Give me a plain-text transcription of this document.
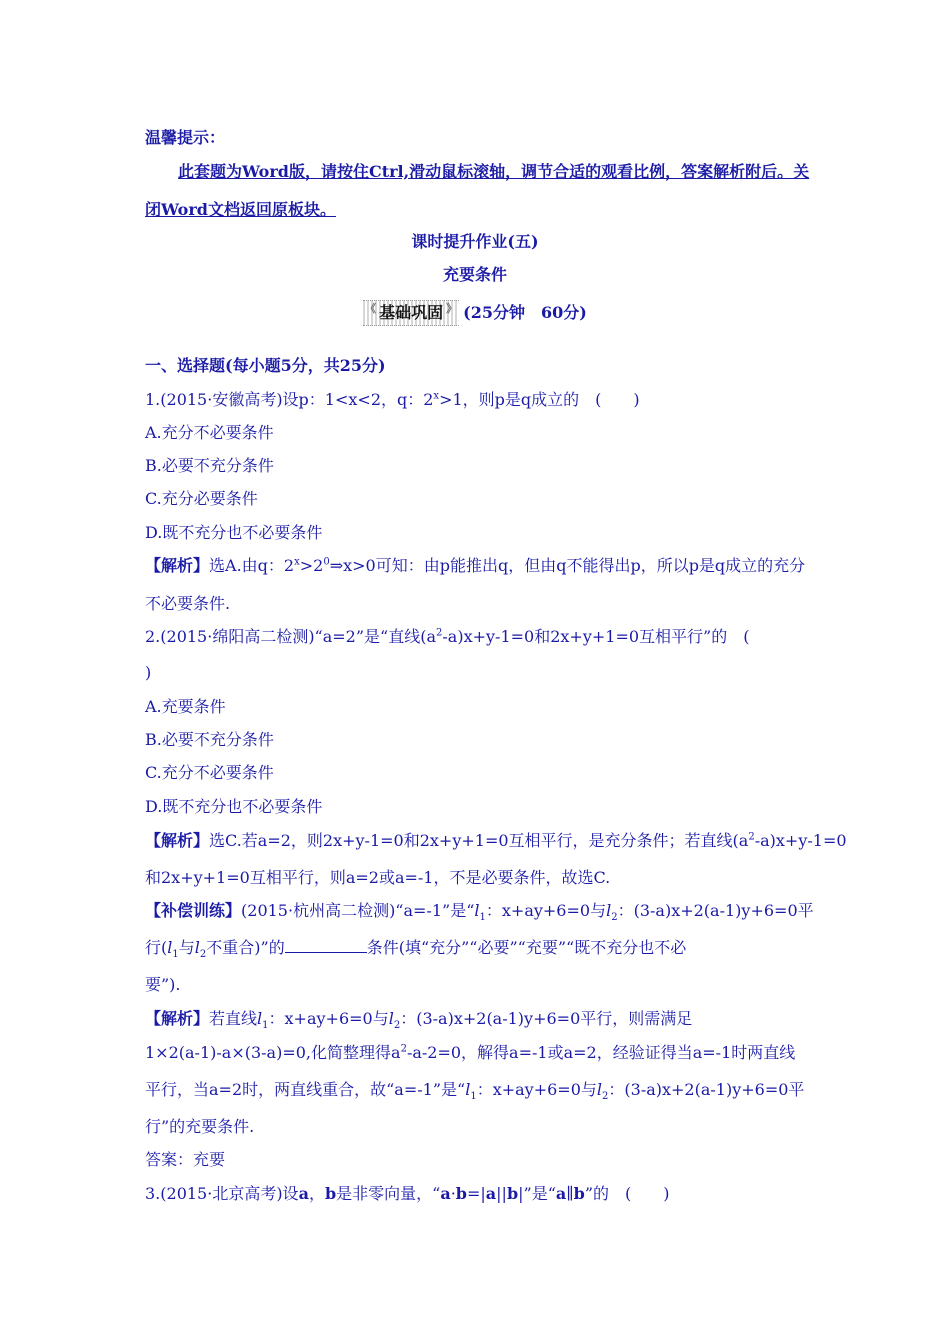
温馨提示：
此套题为Word版，请按住Ctrl,滑动鼠标滚轴，调节合适的观看比例，答案解析附后。关
闭Word文档返回原板块。
课时提升作业(五)
充要条件
《 基础巩固 》 (25分钟　60分)
一、选择题(每小题5分，共25分)
1.(2015·安徽高考)设p：1<x<2，q：$2^x>1$，则p是q成立的　(　　)
A.充分不必要条件
B.必要不充分条件
C.充分必要条件
D.既不充分也不必要条件
【解析】选A.由q：$2^x>2^0\Rightarrow x>0$可知：由p能推出q，但由q不能得出p，所以p是q成立的充分
不必要条件.
2.(2015·绵阳高二检测)“a=2”是“直线$(a^2-a)x+y-1=0$和2x+y+1=0互相平行”的　(
)
A.充要条件
B.必要不充分条件
C.充分不必要条件
D.既不充分也不必要条件
【解析】选C.若a=2，则2x+y-1=0和2x+y+1=0互相平行，是充分条件；若直线$(a^2-a)x+y-1=0$
和2x+y+1=0互相平行，则a=2或a=-1，不是必要条件，故选C.
【补偿训练】(2015·杭州高二检测)“a=-1”是“$l_1$：x+ay+6=0与$l_2$：(3-a)x+2(a-1)y+6=0平
行($l_1$与$l_2$不重合)”的	条件(填“充分”“必要”“充要”“既不充分也不必
要”).
【解析】若直线$l_1$：x+ay+6=0与$l_2$：(3-a)x+2(a-1)y+6=0平行，则需满足
1×2(a-1)-a×(3-a)=0,化简整理得$a^2-a-2=0$，解得a=-1或a=2，经验证得当a=-1时两直线
平行，当a=2时，两直线重合，故“a=-1”是“$l_1$：x+ay+6=0与$l_2$：(3-a)x+2(a-1)y+6=0平
行”的充要条件.
答案：充要
3.(2015·北京高考)设a，b是非零向量，“a·b=|a||b|”是“a∥b”的　(　　)
